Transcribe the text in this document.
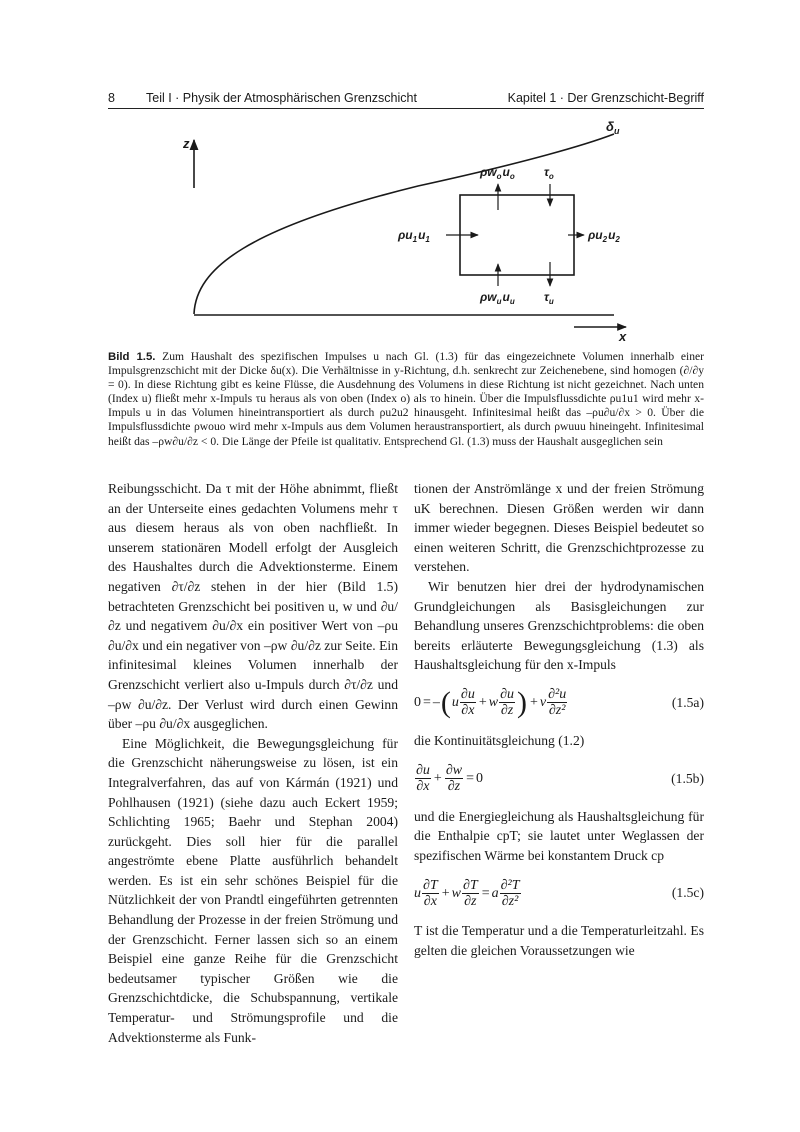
8 Teil I · Physik der Atmosphärischen Grenzschicht	Kapitel 1 · Der Grenzschicht-Begriff
z
$\delta_u$
x
$\rho w_ou_o$ $\tau_o$
$\rho u_1u_1$	$\rho u_2u_2$
$\rho w_uu_u$ $\tau_u$
Bild 1.5. Zum Haushalt des spezifischen Impulses u nach Gl. (1.3) für das eingezeichnete Volumen innerhalb einer Impulsgrenzschicht mit der Dicke δu(x). Die Verhältnisse in y-Richtung, d.h. senkrecht zur Zeichenebene, sind homogen (∂/∂y = 0). In diese Richtung gibt es keine Flüsse, die Ausdehnung des Volumens in diese Richtung ist nicht gezeichnet. Nach unten (Index u) fließt mehr x-Impuls τu heraus als von oben (Index o) als τo hinein. Über die Impulsflussdichte ρu1u1 wird mehr x-Impuls u in das Volumen hineintransportiert als durch ρu2u2 hinausgeht. Infinitesimal heißt das –ρu∂u/∂x > 0. Über die Impulsflussdichte ρwouo wird mehr x-Impuls aus dem Volumen heraustransportiert, als durch ρwuuu hineingeht. Infinitesimal heißt das –ρw∂u/∂z < 0. Die Länge der Pfeile ist qualitativ. Entsprechend Gl. (1.3) muss der Haushalt ausgeglichen sein

Reibungsschicht. Da τ mit der Höhe abnimmt, fließt an der Unterseite eines gedachten Volumens mehr τ aus diesem heraus als von oben nachfließt. In unserem stationären Modell erfolgt der Ausgleich des Haushaltes durch die Advektionsterme. Einem negativen ∂τ/∂z stehen in der hier (Bild 1.5) betrachteten Grenzschicht bei positiven u, w und ∂u/∂z und negativem ∂u/∂x ein positiver Wert von –ρu ∂u/∂x und ein negativer von –ρw ∂u/∂z zur Seite. Ein infinitesimal kleines Volumen innerhalb der Grenzschicht verliert also u-Impuls durch ∂τ/∂z und –ρw ∂u/∂z. Der Verlust wird durch einen Gewinn über –ρu ∂u/∂x ausgeglichen.

Eine Möglichkeit, die Bewegungsgleichung für die Grenzschicht näherungsweise zu lösen, ist ein Integralverfahren, das auf von Kármán (1921) und Pohlhausen (1921) (siehe dazu auch Eckert 1959; Schlichting 1965; Baehr und Stephan 2004) zurückgeht. Dies soll hier für die parallel angeströmte ebene Platte ausführlich behandelt werden. Es ist ein sehr schönes Beispiel für die Nützlichkeit der von Prandtl eingeführten getrennten Behandlung der Prozesse in der freien Strömung und der Grenzschicht. Ferner lassen sich so an einem Beispiel eine ganze Reihe für die Grenzschicht bedeutsamer typischer Größen wie die Grenzschichtdicke, die Schubspannung, vertikale Temperatur- und Strömungsprofile und die Advektionsterme als Funk-

tionen der Anströmlänge x und der freien Strömung uK berechnen. Diesen Größen werden wir dann immer wieder begegnen. Dieses Beispiel bedeutet so einen weiteren Schritt, die Grenzschichtprozesse zu verstehen.

Wir benutzen hier drei der hydrodynamischen Grundgleichungen als Basisgleichungen zur Behandlung unseres Grenzschichtproblems: die oben bereits erläuterte Bewegungsgleichung (1.3) als Haushaltsgleichung für den x-Impuls

0 = – ( u $\frac{\partial u}{\partial x} + w \frac{\partial u}{\partial z}$ ) + ν $\frac{\text{∂²u}}{\text{∂z²}}$	(1.5a)

die Kontinuitätsgleichung (1.2)

$\frac{\partial u}{\partial x} + \frac{\partial w}{\partial z} = 0$	(1.5b)

und die Energiegleichung als Haushaltsgleichung für die Enthalpie cpT; sie lautet unter Weglassen der spezifischen Wärme bei konstantem Druck cp

u $\frac{\partial T}{\partial x} + w \frac{\partial T}{\partial z} = a \frac{\text{∂²T}}{\text{∂z²}}$	(1.5c)

T ist die Temperatur und a die Temperaturleitzahl. Es gelten die gleichen Voraussetzungen wie
